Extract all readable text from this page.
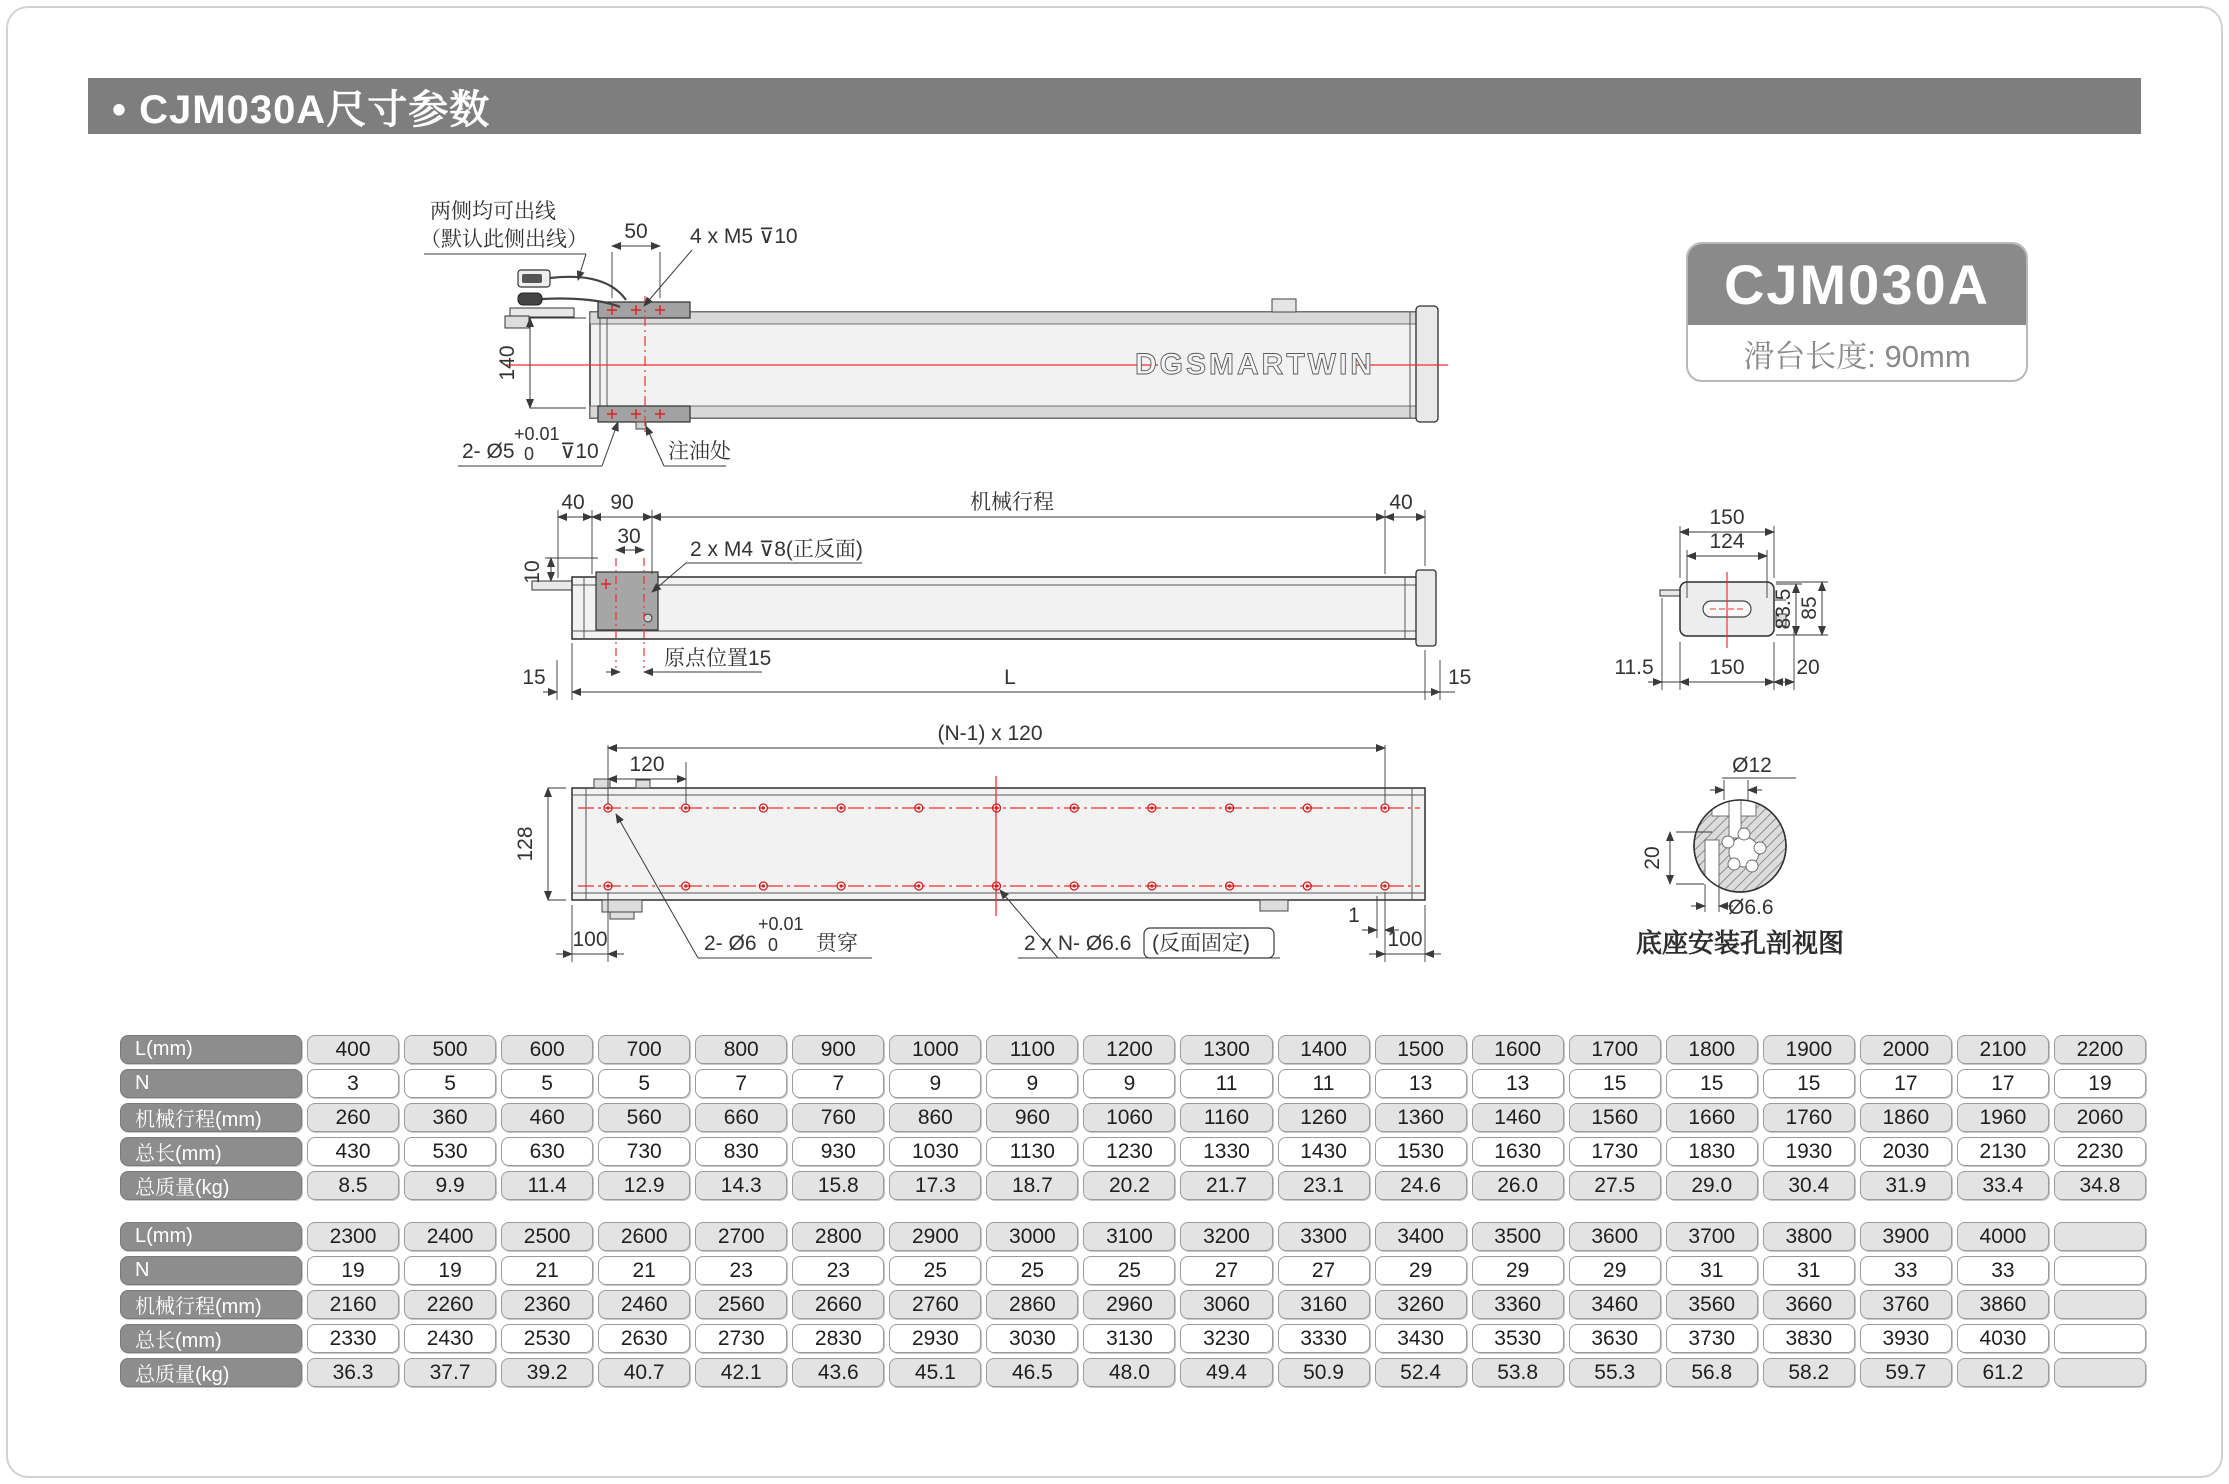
• CJM030A尺寸参数
CJM030A
滑台长度: 90mm
DGSMARTWIN
50 4 x M5 ⊽10
两侧均可出线
（默认此侧出线）
140
2- Ø5
+0.01
0 ⊽10	注油处
40 90	机械行程	40
30
2 x M4 ⊽8(正反面)
10
15
原点位置15
L	15
150
124
83.5 85
11.5	150 20
(N-1) x 120
120
128
100	2- Ø6
+0.01
0 贯穿	2 x N- Ø6.6 (反面固定)
1
100
Ø12
20
Ø6.6
底座安装孔剖视图
L(mm)	400	500	600	700	800	900	1000	1100	1200	1300	1400	1500	1600	1700	1800	1900	2000	2100	2200
N	3	5	5	5	7	7	9	9	9	11	11	13	13	15	15	15	17	17	19
机械行程(mm)	260	360	460	560	660	760	860	960	1060	1160	1260	1360	1460	1560	1660	1760	1860	1960	2060
总长(mm)	430	530	630	730	830	930	1030	1130	1230	1330	1430	1530	1630	1730	1830	1930	2030	2130	2230
总质量(kg)	8.5	9.9	11.4	12.9	14.3	15.8	17.3	18.7	20.2	21.7	23.1	24.6	26.0	27.5	29.0	30.4	31.9	33.4	34.8
L(mm)	2300	2400	2500	2600	2700	2800	2900	3000	3100	3200	3300	3400	3500	3600	3700	3800	3900	4000
N	19	19	21	21	23	23	25	25	25	27	27	29	29	29	31	31	33	33
机械行程(mm)	2160	2260	2360	2460	2560	2660	2760	2860	2960	3060	3160	3260	3360	3460	3560	3660	3760	3860
总长(mm)	2330	2430	2530	2630	2730	2830	2930	3030	3130	3230	3330	3430	3530	3630	3730	3830	3930	4030
总质量(kg)	36.3	37.7	39.2	40.7	42.1	43.6	45.1	46.5	48.0	49.4	50.9	52.4	53.8	55.3	56.8	58.2	59.7	61.2
